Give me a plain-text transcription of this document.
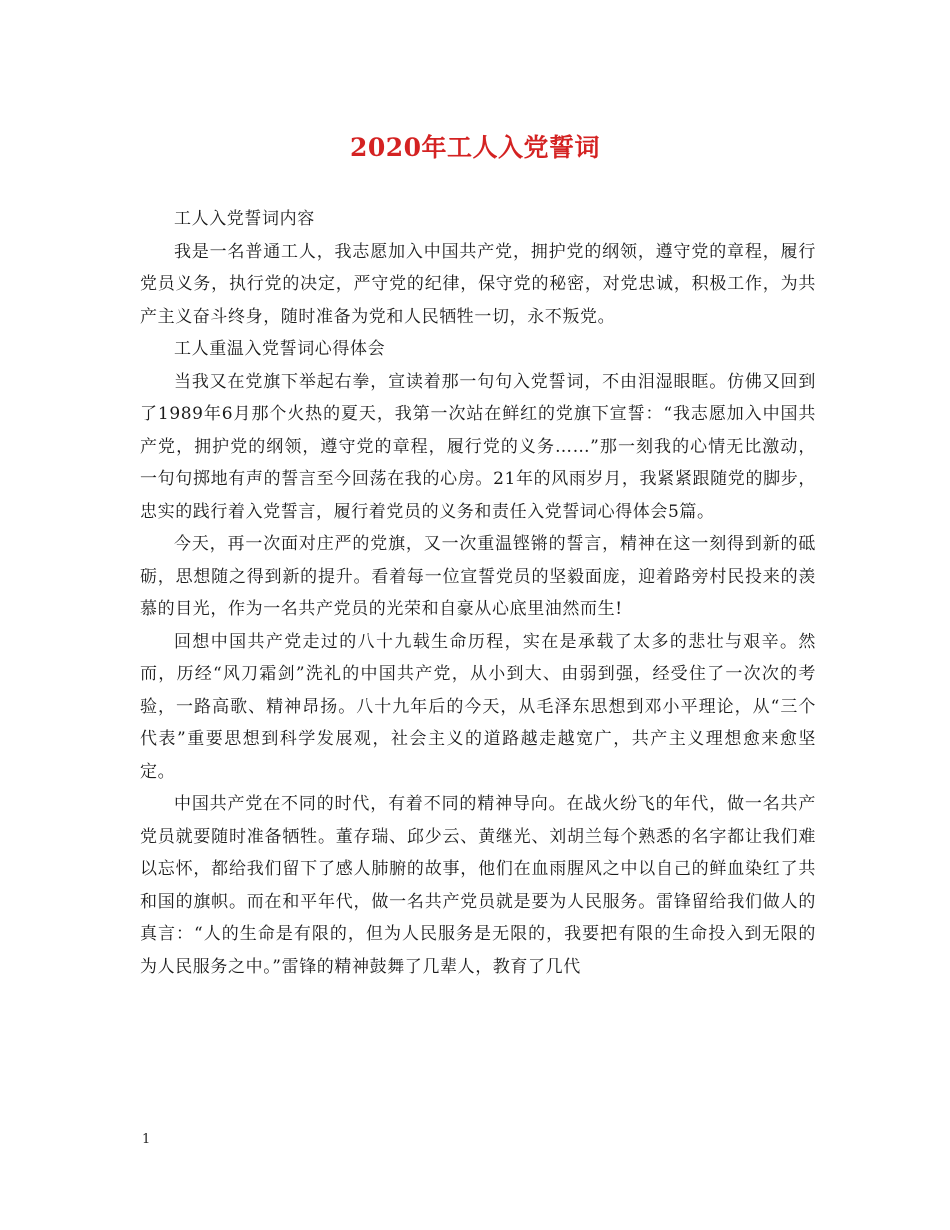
2020年工人入党誓词

工人入党誓词内容

我是一名普通工人，我志愿加入中国共产党，拥护党的纲领，遵守党的章程，履行党员义务，执行党的决定，严守党的纪律，保守党的秘密，对党忠诚，积极工作，为共产主义奋斗终身，随时准备为党和人民牺牲一切，永不叛党。

工人重温入党誓词心得体会

当我又在党旗下举起右拳，宣读着那一句句入党誓词，不由泪湿眼眶。仿佛又回到了1989年6月那个火热的夏天，我第一次站在鲜红的党旗下宣誓：“我志愿加入中国共产党，拥护党的纲领，遵守党的章程，履行党的义务……”那一刻我的心情无比激动，一句句掷地有声的誓言至今回荡在我的心房。21年的风雨岁月，我紧紧跟随党的脚步，忠实的践行着入党誓言，履行着党员的义务和责任入党誓词心得体会5篇。

今天，再一次面对庄严的党旗，又一次重温铿锵的誓言，精神在这一刻得到新的砥砺，思想随之得到新的提升。看着每一位宣誓党员的坚毅面庞，迎着路旁村民投来的羡慕的目光，作为一名共产党员的光荣和自豪从心底里油然而生!

回想中国共产党走过的八十九载生命历程，实在是承载了太多的悲壮与艰辛。然而，历经“风刀霜剑”洗礼的中国共产党，从小到大、由弱到强，经受住了一次次的考验，一路高歌、精神昂扬。八十九年后的今天，从毛泽东思想到邓小平理论，从“三个代表”重要思想到科学发展观，社会主义的道路越走越宽广，共产主义理想愈来愈坚定。

中国共产党在不同的时代，有着不同的精神导向。在战火纷飞的年代，做一名共产党员就要随时准备牺牲。董存瑞、邱少云、黄继光、刘胡兰每个熟悉的名字都让我们难以忘怀，都给我们留下了感人肺腑的故事，他们在血雨腥风之中以自己的鲜血染红了共和国的旗帜。而在和平年代，做一名共产党员就是要为人民服务。雷锋留给我们做人的真言：“人的生命是有限的，但为人民服务是无限的，我要把有限的生命投入到无限的为人民服务之中。”雷锋的精神鼓舞了几辈人，教育了几代

1
